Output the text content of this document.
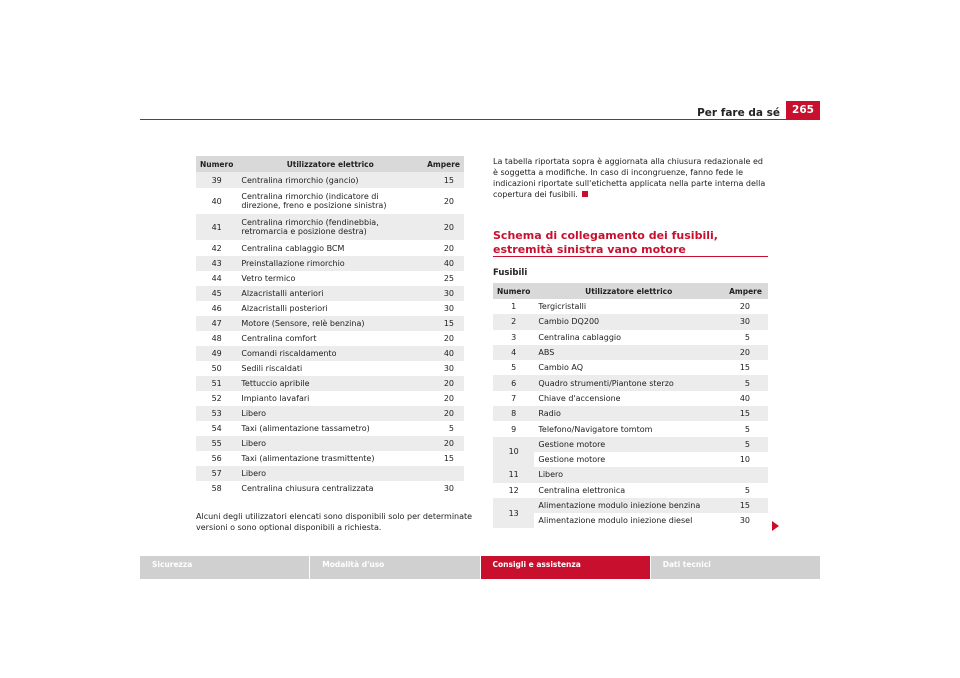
Per fare da sé	265
Numero	Utilizzatore elettrico	Ampere
39	Centralina rimorchio (gancio)	15
40	Centralina rimorchio (indicatore di direzione, freno e posizione sinistra)	20
41	Centralina rimorchio (fendinebbia, retromarcia e posizione destra)	20
42	Centralina cablaggio BCM	20
43	Preinstallazione rimorchio	40
44	Vetro termico	25
45	Alzacristalli anteriori	30
46	Alzacristalli posteriori	30
47	Motore (Sensore, relè benzina)	15
48	Centralina comfort	20
49	Comandi riscaldamento	40
50	Sedili riscaldati	30
51	Tettuccio apribile	20
52	Impianto lavafari	20
53	Libero	20
54	Taxi (alimentazione tassametro)	5
55	Libero	20
56	Taxi (alimentazione trasmittente)	15
57	Libero	
58	Centralina chiusura centralizzata	30
Alcuni degli utilizzatori elencati sono disponibili solo per determinate versioni o sono optional disponibili a richiesta.
La tabella riportata sopra è aggiornata alla chiusura redazionale ed è soggetta a modifiche. In caso di incongruenze, fanno fede le indicazioni riportate sull'etichetta applicata nella parte interna della copertura dei fusibili.
Schema di collegamento dei fusibili, estremità sinistra vano motore
Fusibili
Numero	Utilizzatore elettrico	Ampere
1	Tergicristalli	20
2	Cambio DQ200	30
3	Centralina cablaggio	5
4	ABS	20
5	Cambio AQ	15
6	Quadro strumenti/Piantone sterzo	5
7	Chiave d'accensione	40
8	Radio	15
9	Telefono/Navigatore tomtom	5
10	Gestione motore	5
	Gestione motore	10
11	Libero	
12	Centralina elettronica	5
13	Alimentazione modulo iniezione benzina	15
	Alimentazione modulo iniezione diesel	30
Sicurezza	Modalità d'uso	Consigli e assistenza	Dati tecnici
